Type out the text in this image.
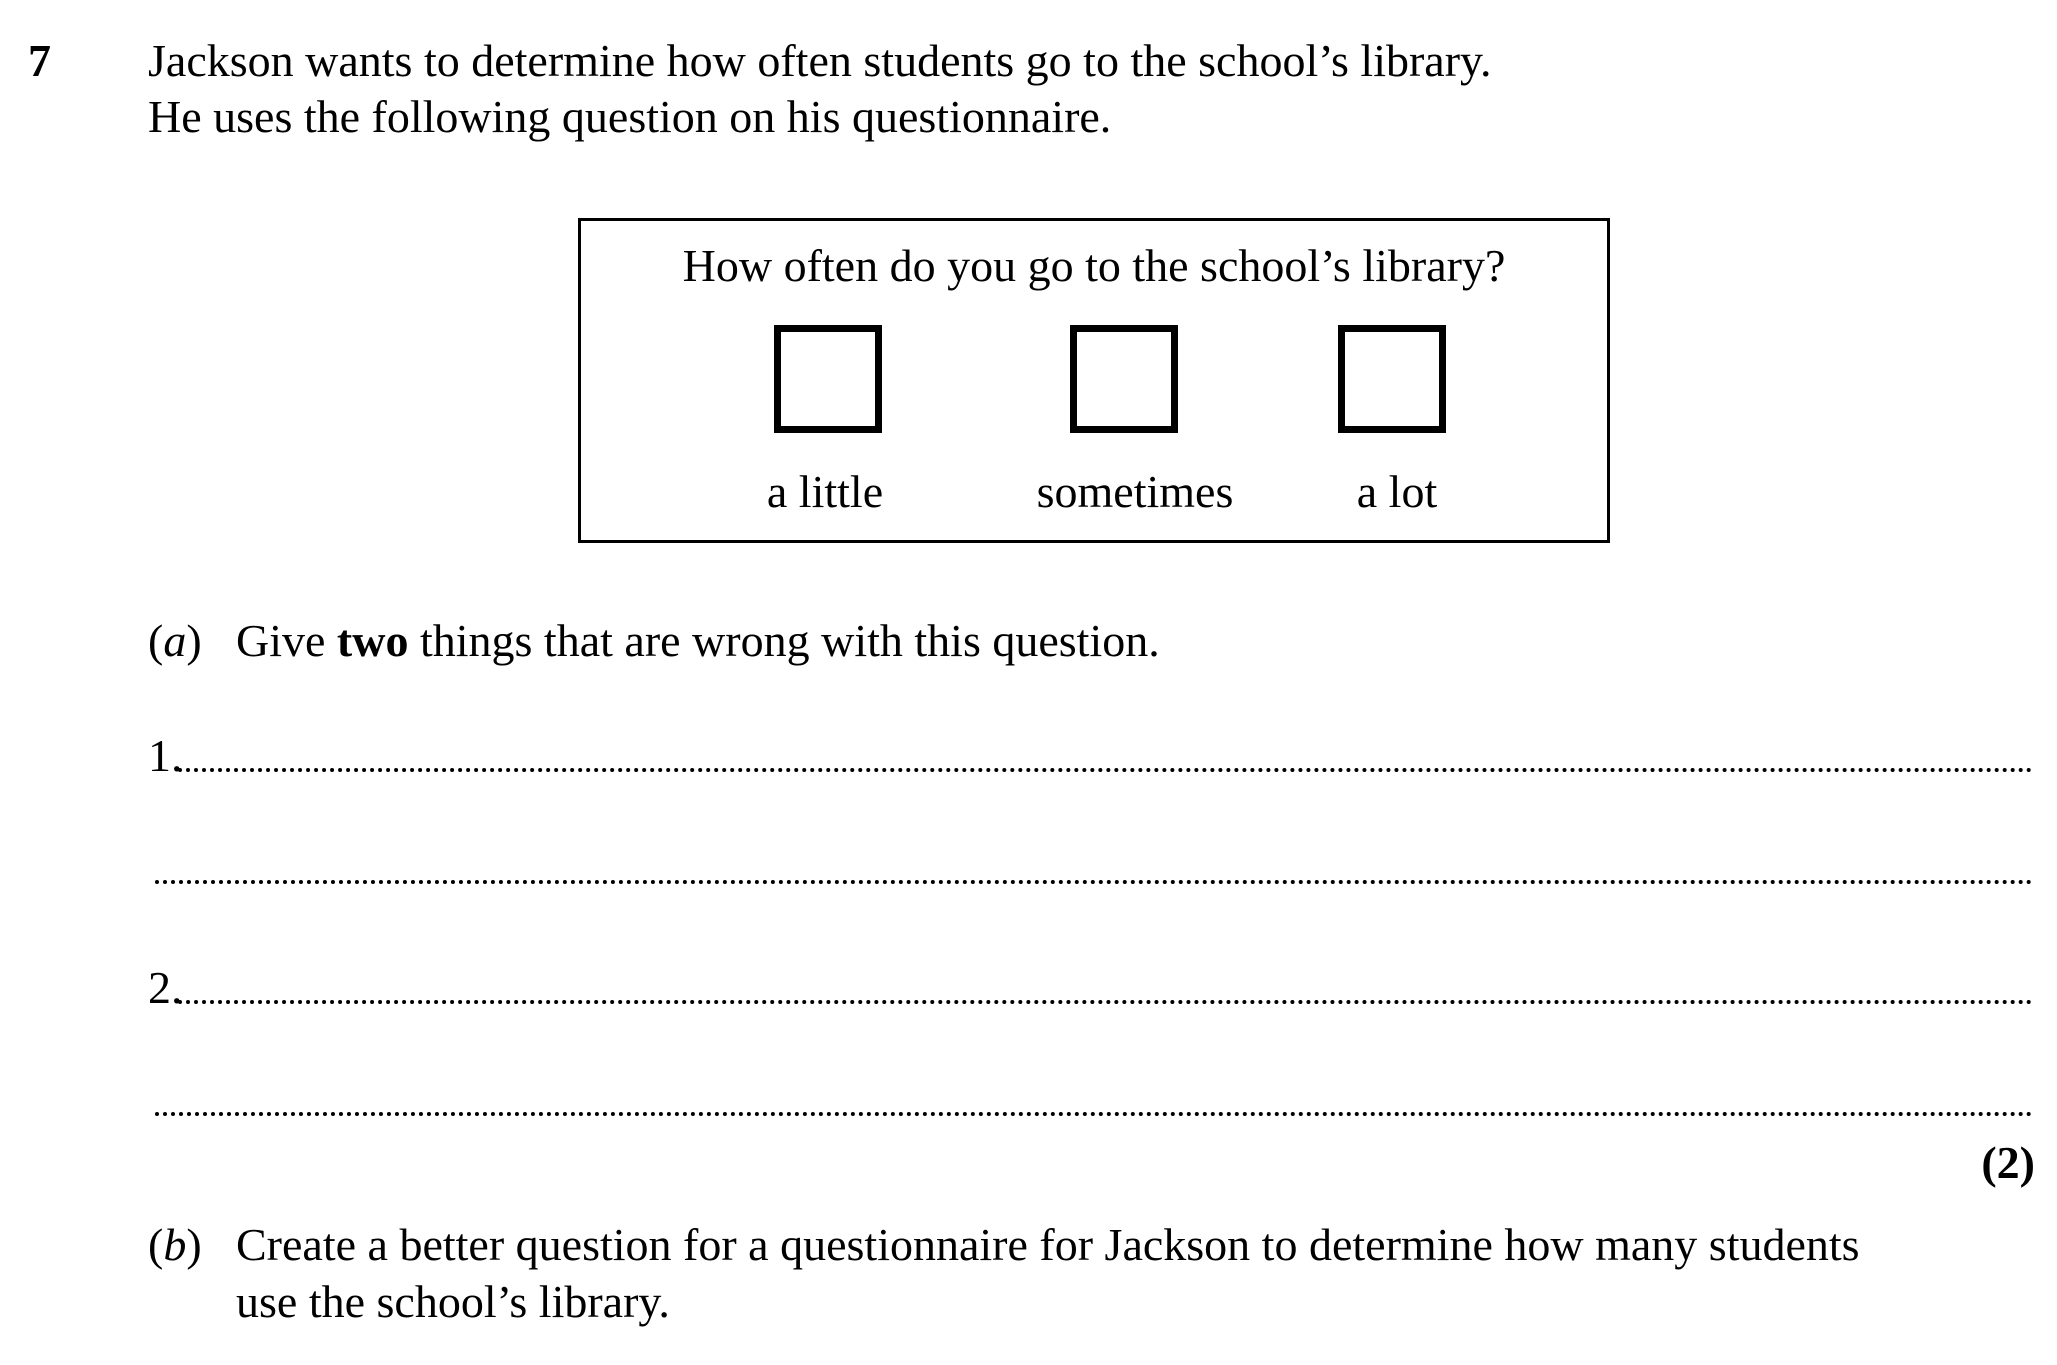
7 Jackson wants to determine how often students go to the school’s library.
He uses the following question on his questionnaire.
How often do you go to the school’s library?
a little	sometimes	a lot
(a) Give two things that are wrong with this question.
1.
2.
(2)
(b) Create a better question for a questionnaire for Jackson to determine how many students
use the school’s library.
